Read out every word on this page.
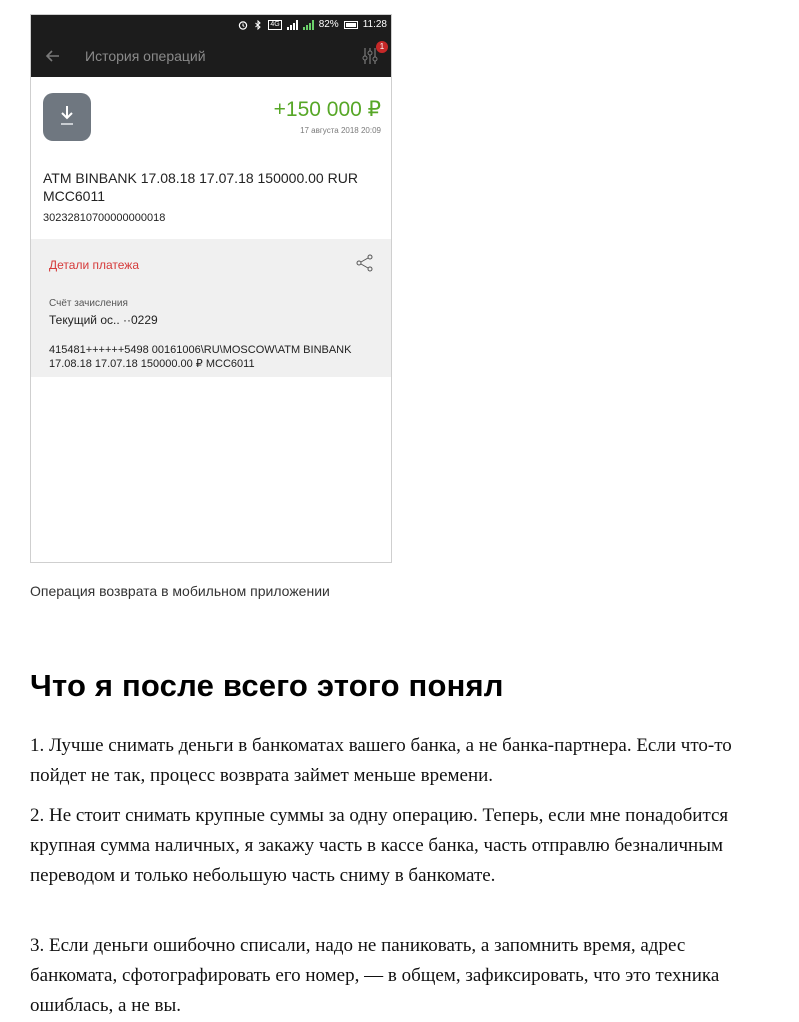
4G	82% 11:28
История операций
1
+150 000 ₽
17 августа 2018 20:09
ATM BINBANK 17.08.18 17.07.18 150000.00 RUR MCC6011
30232810700000000018
Детали платежа
Счёт зачисления
Текущий ос.. ··0229
415481++++++5498 00161006\RU\MOSCOW\ATM BINBANK 17.08.18 17.07.18 150000.00 ₽ MCC6011
Операция возврата в мобильном приложении
Что я после всего этого понял

1. Лучше снимать деньги в банкоматах вашего банка, а не банка-партнера. Если что-то пойдет не так, процесс возврата займет меньше времени.

2. Не стоит снимать крупные суммы за одну операцию. Теперь, если мне понадобится крупная сумма наличных, я закажу часть в кассе банка, часть отправлю безналичным переводом и только небольшую часть сниму в банкомате.

3. Если деньги ошибочно списали, надо не паниковать, а запомнить время, адрес банкомата, сфотографировать его номер, — в общем, зафиксировать, что это техника ошиблась, а не вы.
